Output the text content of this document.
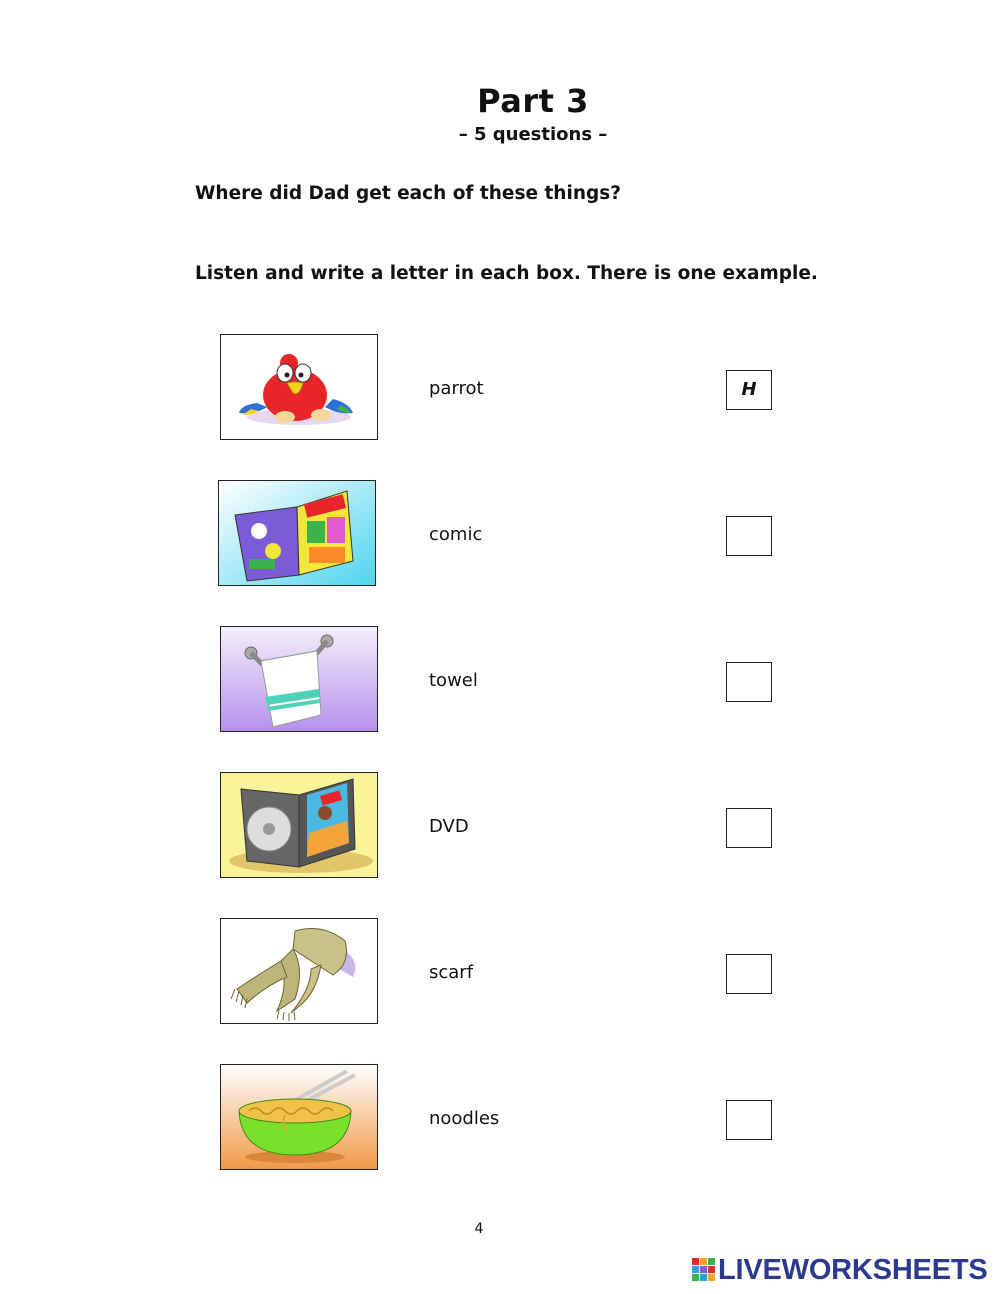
Part 3
– 5 questions –
Where did Dad get each of these things?
Listen and write a letter in each box. There is one example.
parrot	H
comic
towel
DVD
scarf
noodles
4
LIVEWORKSHEETS
